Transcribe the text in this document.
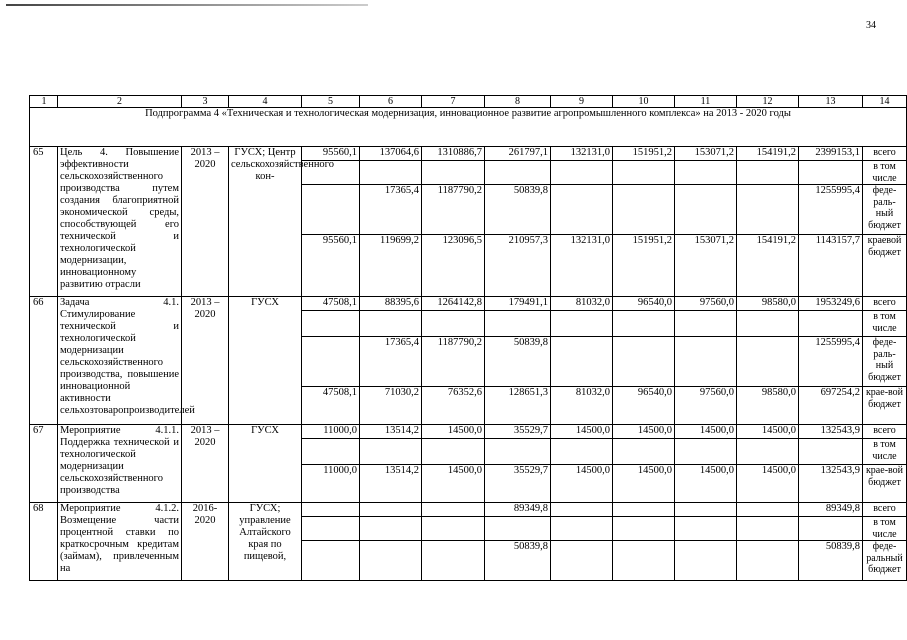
34
1	2	3	4	5	6	7	8	9	10	11	12	13	14
Подпрограмма 4 «Техническая и технологическая модернизация, инновационное развитие агропромышленного комплекса» на 2013 - 2020 годы													
65	Цель 4. Повышение эффективности сельскохозяйственного производства путем создания благоприятной экономической среды, способствующей его технической и технологической модернизации, инновационному развитию отрасли	2013 – 2020	ГУСХ; Центр сельскохозяйственного кон-	95560,1	137064,6	1310886,7	261797,1	132131,0	151951,2	153071,2	154191,2	2399153,1	всего
													в том числе
					17365,4	1187790,2	50839,8					1255995,4	феде-раль-ный бюджет
				95560,1	119699,2	123096,5	210957,3	132131,0	151951,2	153071,2	154191,2	1143157,7	краевой бюджет
66	Задача 4.1. Стимулирование технической и технологической модернизации сельскохозяйственного производства, повышение инновационной активности сельхозтоваропроизводителей	2013 – 2020	ГУСХ	47508,1	88395,6	1264142,8	179491,1	81032,0	96540,0	97560,0	98580,0	1953249,6	всего
													в том числе
					17365,4	1187790,2	50839,8					1255995,4	феде-раль-ный бюджет
				47508,1	71030,2	76352,6	128651,3	81032,0	96540,0	97560,0	98580,0	697254,2	крае-вой бюджет
67	Мероприятие 4.1.1. Поддержка технической и технологической модернизации сельскохозяйственного производства	2013 – 2020	ГУСХ	11000,0	13514,2	14500,0	35529,7	14500,0	14500,0	14500,0	14500,0	132543,9	всего
													в том числе
				11000,0	13514,2	14500,0	35529,7	14500,0	14500,0	14500,0	14500,0	132543,9	крае-вой бюджет
68	Мероприятие 4.1.2. Возмещение части процентной ставки по краткосрочным кредитам (займам), привлеченным на	2016- 2020	ГУСХ; управление Алтайского края по пищевой,				89349,8					89349,8	всего
													в том числе
							50839,8					50839,8	феде-ральный бюджет
